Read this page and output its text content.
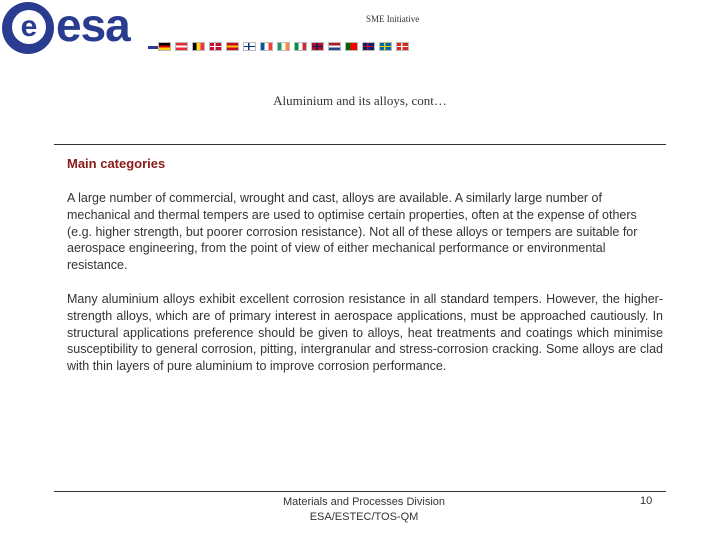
e esa	SME Initiative
Aluminium and its alloys, cont…
Main categories

A large number of commercial, wrought and cast, alloys are available. A similarly large number of mechanical and thermal tempers are used to optimise certain properties, often at the expense of others (e.g. higher strength, but poorer corrosion resistance). Not all of these alloys or tempers are suitable for aerospace engineering, from the point of view of either mechanical performance or environmental resistance.

Many aluminium alloys exhibit excellent corrosion resistance in all standard tempers. However, the higher-strength alloys, which are of primary interest in aerospace applications, must be approached cautiously. In structural applications preference should be given to alloys, heat treatments and coatings which minimise susceptibility to general corrosion, pitting, intergranular and stress-corrosion cracking. Some alloys are clad with thin layers of pure aluminium to improve corrosion performance.

Materials and Processes Division
ESA/ESTEC/TOS-QM
10
